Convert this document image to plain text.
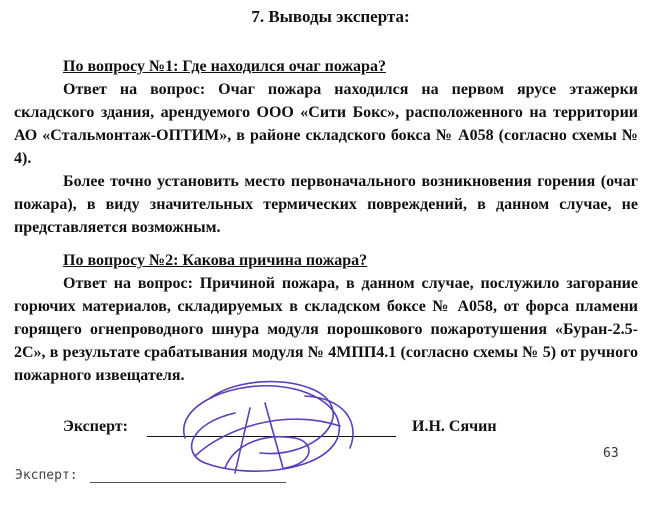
7. Выводы эксперта:
По вопросу №1: Где находился очаг пожара?
Ответ на вопрос: Очаг пожара находился на первом ярусе этажерки складского здания, арендуемого ООО «Сити Бокс», расположенного на территории АО «Стальмонтаж-ОПТИМ», в районе складского бокса № А058 (согласно схемы № 4).
Более точно установить место первоначального возникновения горения (очаг пожара), в виду значительных термических повреждений, в данном случае, не представляется возможным.
По вопросу №2: Какова причина пожара?
Ответ на вопрос: Причиной пожара, в данном случае, послужило загорание горючих материалов, складируемых в складском боксе № А058, от форса пламени горящего огнепроводного шнура модуля порошкового пожаротушения «Буран-2.5-2С», в результате срабатывания модуля № 4МПП4.1 (согласно схемы № 5) от ручного пожарного извещателя.
Эксперт:	И.Н. Сячин
63
Эксперт:
